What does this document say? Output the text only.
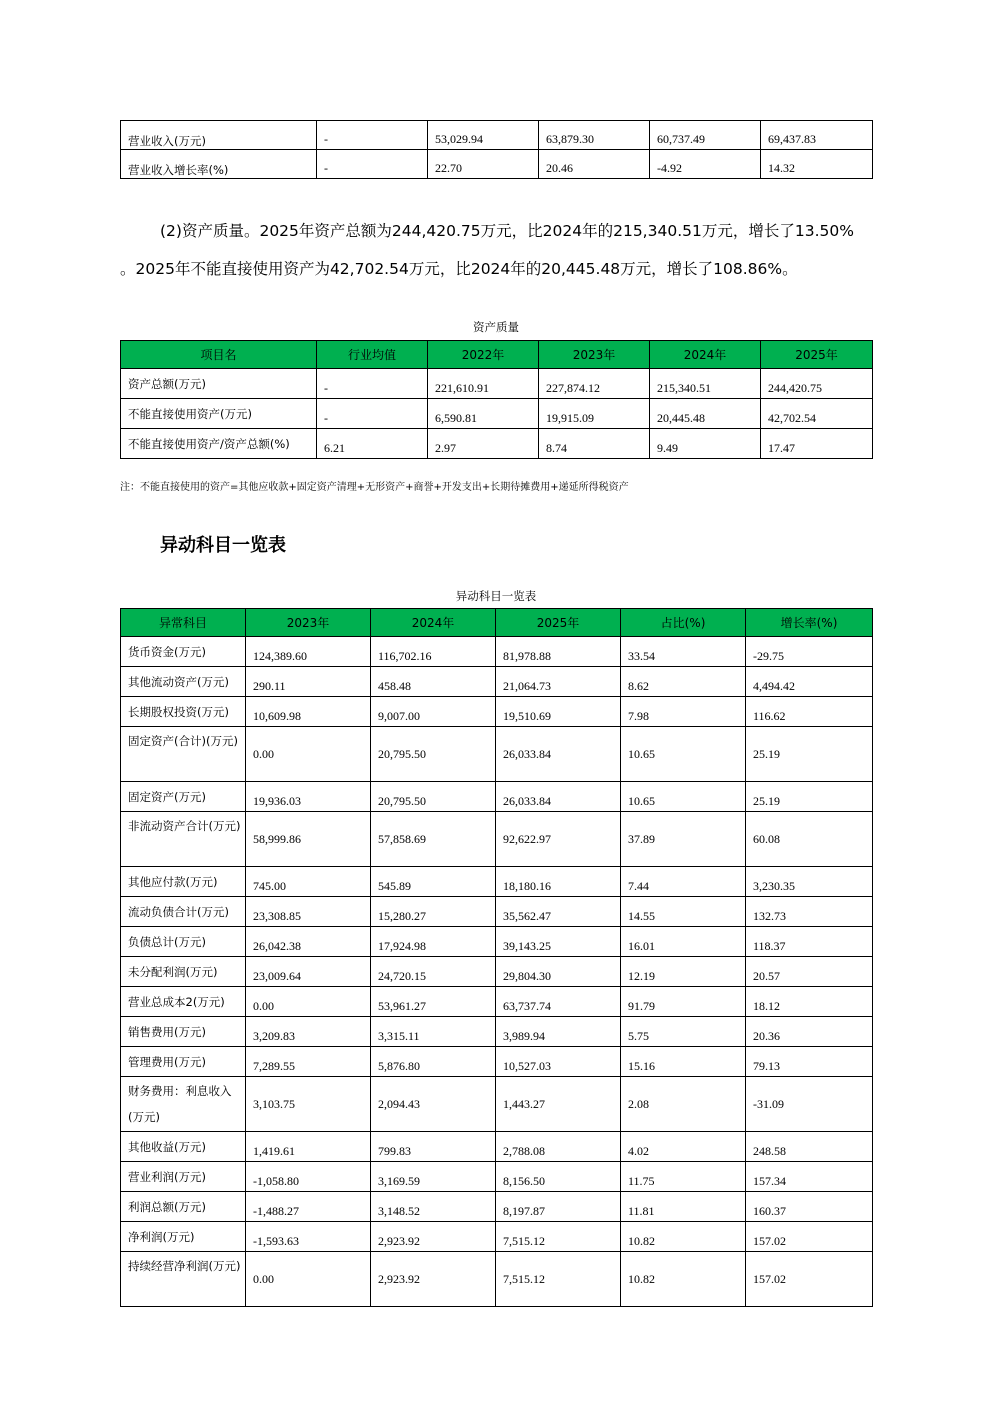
营业收入(万元)	-	53,029.94	63,879.30	60,737.49	69,437.83
营业收入增长率(%)	-	22.70	20.46	-4.92	14.32
(2)资产质量。2025年资产总额为244,420.75万元，比2024年的215,340.51万元，增长了13.50%
。2025年不能直接使用资产为42,702.54万元，比2024年的20,445.48万元，增长了108.86%。
资产质量
项目名	行业均值	2022年	2023年	2024年	2025年
资产总额(万元)	-	221,610.91	227,874.12	215,340.51	244,420.75
不能直接使用资产(万元)	-	6,590.81	19,915.09	20,445.48	42,702.54
不能直接使用资产/资产总额(%)	6.21	2.97	8.74	9.49	17.47
注：不能直接使用的资产=其他应收款+固定资产清理+无形资产+商誉+开发支出+长期待摊费用+递延所得税资产
异动科目一览表
异动科目一览表
异常科目	2023年	2024年	2025年	占比(%)	增长率(%)
货币资金(万元)	124,389.60	116,702.16	81,978.88	33.54	-29.75
其他流动资产(万元)	290.11	458.48	21,064.73	8.62	4,494.42
长期股权投资(万元)	10,609.98	9,007.00	19,510.69	7.98	116.62
固定资产(合计)(万元)	0.00	20,795.50	26,033.84	10.65	25.19
固定资产(万元)	19,936.03	20,795.50	26,033.84	10.65	25.19
非流动资产合计(万元)	58,999.86	57,858.69	92,622.97	37.89	60.08
其他应付款(万元)	745.00	545.89	18,180.16	7.44	3,230.35
流动负债合计(万元)	23,308.85	15,280.27	35,562.47	14.55	132.73
负债总计(万元)	26,042.38	17,924.98	39,143.25	16.01	118.37
未分配利润(万元)	23,009.64	24,720.15	29,804.30	12.19	20.57
营业总成本2(万元)	0.00	53,961.27	63,737.74	91.79	18.12
销售费用(万元)	3,209.83	3,315.11	3,989.94	5.75	20.36
管理费用(万元)	7,289.55	5,876.80	10,527.03	15.16	79.13
财务费用：利息收入(万元)	3,103.75	2,094.43	1,443.27	2.08	-31.09
其他收益(万元)	1,419.61	799.83	2,788.08	4.02	248.58
营业利润(万元)	-1,058.80	3,169.59	8,156.50	11.75	157.34
利润总额(万元)	-1,488.27	3,148.52	8,197.87	11.81	160.37
净利润(万元)	-1,593.63	2,923.92	7,515.12	10.82	157.02
持续经营净利润(万元)	0.00	2,923.92	7,515.12	10.82	157.02
